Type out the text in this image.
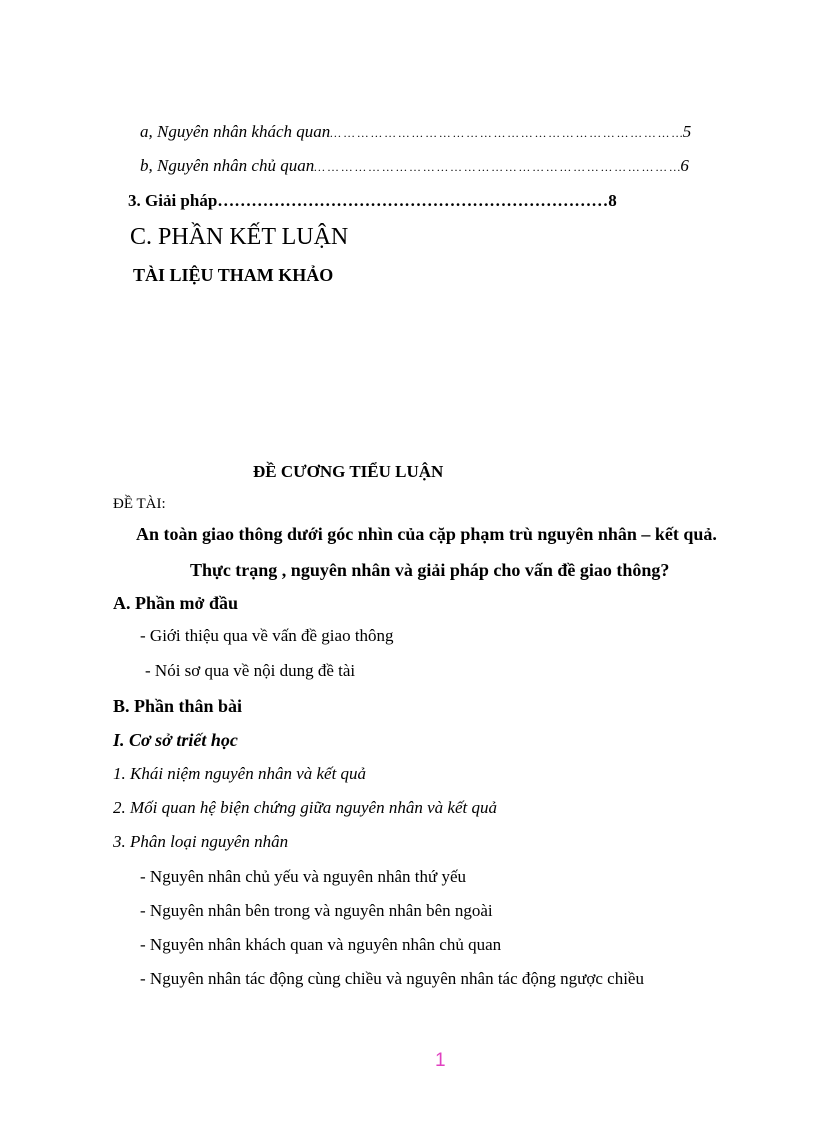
a, Nguyên nhân khách quan… … … … … … … … … … … … … … … … … … … … … … … … … …5
b, Nguyên nhân chủ quan… … … … … … … … … … … … … … … … … … … … … … … … … … …6
3. Giải pháp……………………………………………………………8
C. PHẦN KẾT LUẬN
TÀI LIỆU THAM KHẢO
ĐỀ CƯƠNG TIỂU LUẬN
ĐỀ TÀI:
An toàn giao thông dưới góc nhìn của cặp phạm trù nguyên nhân – kết quả.
Thực trạng , nguyên nhân và giải pháp cho vấn đề giao thông?
A. Phần mở đầu
- Giới thiệu qua về vấn đề giao thông
- Nói sơ qua về nội dung đề tài
B. Phần thân bài
I. Cơ sở triết học
1. Khái niệm nguyên nhân và kết quả
2. Mối quan hệ biện chứng giữa nguyên nhân và kết quả
3. Phân loại nguyên nhân
- Nguyên nhân chủ yếu và nguyên nhân thứ yếu
- Nguyên nhân bên trong và nguyên nhân bên ngoài
- Nguyên nhân khách quan và nguyên nhân chủ quan
- Nguyên nhân tác động cùng chiều và nguyên nhân tác động ngược chiều
1
